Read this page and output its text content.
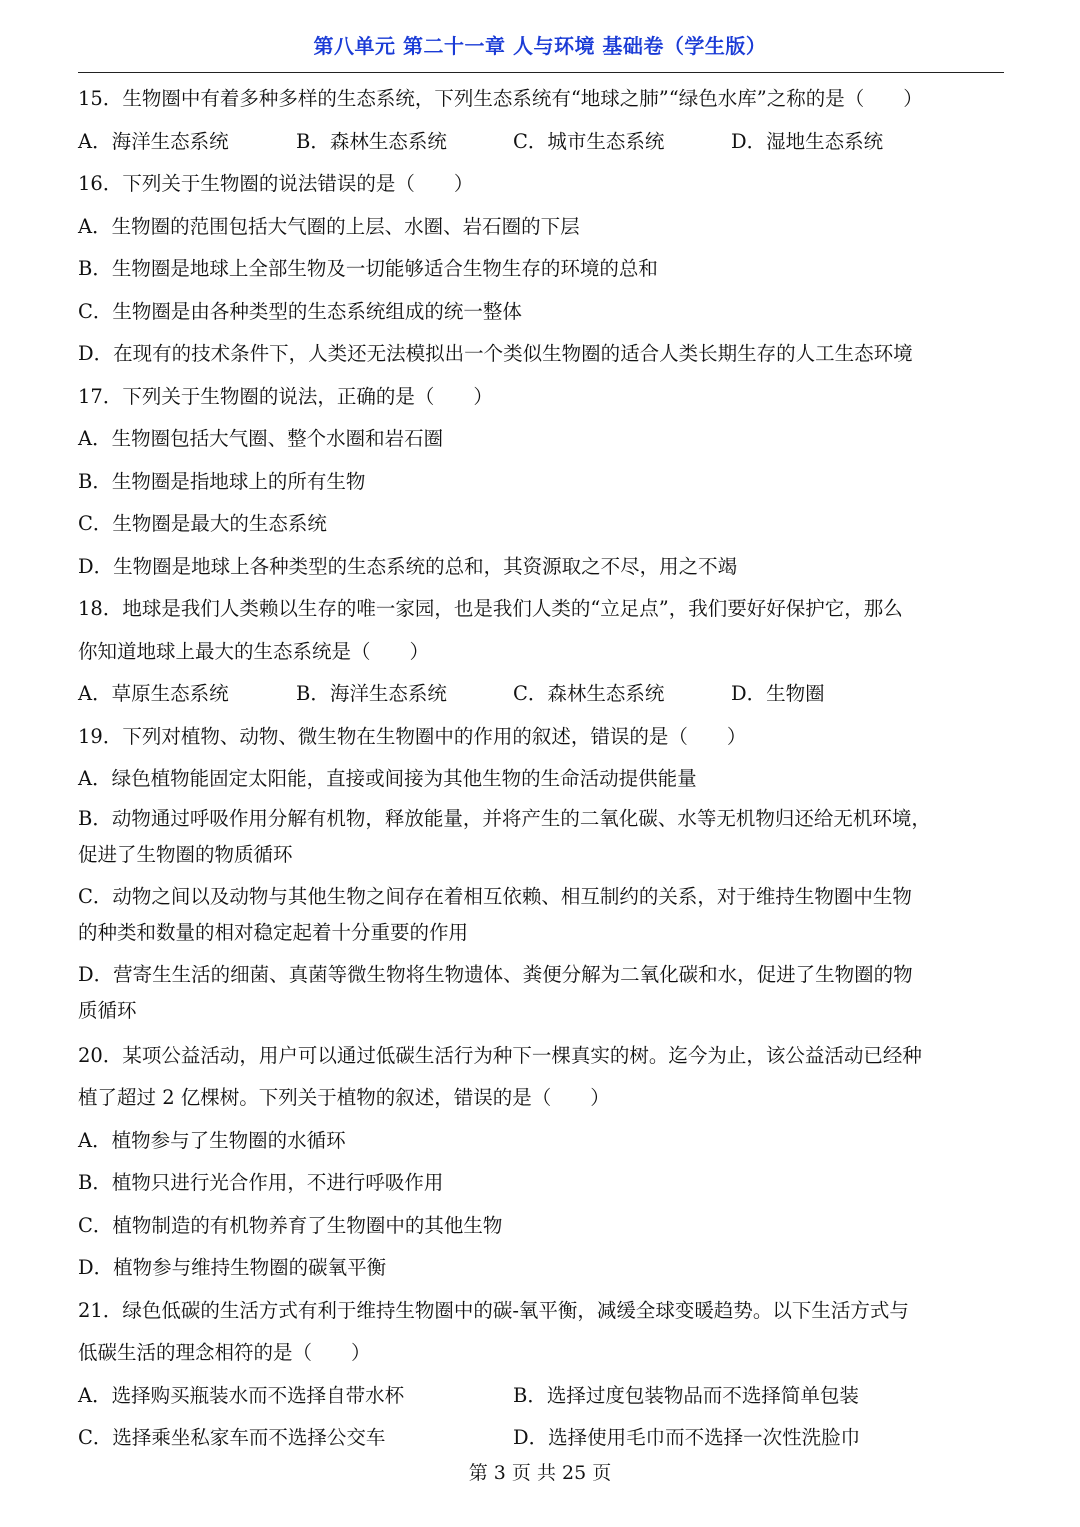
第八单元 第二十一章 人与环境 基础卷（学生版）
15．生物圈中有着多种多样的生态系统，下列生态系统有“地球之肺”“绿色水库”之称的是（　　）
A．海洋生态系统	B．森林生态系统	C．城市生态系统	D．湿地生态系统
16．下列关于生物圈的说法错误的是（　　）
A．生物圈的范围包括大气圈的上层、水圈、岩石圈的下层
B．生物圈是地球上全部生物及一切能够适合生物生存的环境的总和
C．生物圈是由各种类型的生态系统组成的统一整体
D．在现有的技术条件下，人类还无法模拟出一个类似生物圈的适合人类长期生存的人工生态环境
17．下列关于生物圈的说法，正确的是（　　）
A．生物圈包括大气圈、整个水圈和岩石圈
B．生物圈是指地球上的所有生物
C．生物圈是最大的生态系统
D．生物圈是地球上各种类型的生态系统的总和，其资源取之不尽，用之不竭
18．地球是我们人类赖以生存的唯一家园，也是我们人类的“立足点”，我们要好好保护它，那么
你知道地球上最大的生态系统是（　　）
A．草原生态系统	B．海洋生态系统	C．森林生态系统	D．生物圈
19．下列对植物、动物、微生物在生物圈中的作用的叙述，错误的是（　　）
A．绿色植物能固定太阳能，直接或间接为其他生物的生命活动提供能量
B．动物通过呼吸作用分解有机物，释放能量，并将产生的二氧化碳、水等无机物归还给无机环境，
促进了生物圈的物质循环
C．动物之间以及动物与其他生物之间存在着相互依赖、相互制约的关系，对于维持生物圈中生物
的种类和数量的相对稳定起着十分重要的作用
D．营寄生生活的细菌、真菌等微生物将生物遗体、粪便分解为二氧化碳和水，促进了生物圈的物
质循环
20．某项公益活动，用户可以通过低碳生活行为种下一棵真实的树。迄今为止，该公益活动已经种
植了超过 2 亿棵树。下列关于植物的叙述，错误的是（　　）
A．植物参与了生物圈的水循环
B．植物只进行光合作用，不进行呼吸作用
C．植物制造的有机物养育了生物圈中的其他生物
D．植物参与维持生物圈的碳氧平衡
21．绿色低碳的生活方式有利于维持生物圈中的碳-氧平衡，减缓全球变暖趋势。以下生活方式与
低碳生活的理念相符的是（　　）
A．选择购买瓶装水而不选择自带水杯	B．选择过度包装物品而不选择简单包装
C．选择乘坐私家车而不选择公交车	D．选择使用毛巾而不选择一次性洗脸巾
第 3 页 共 25 页
